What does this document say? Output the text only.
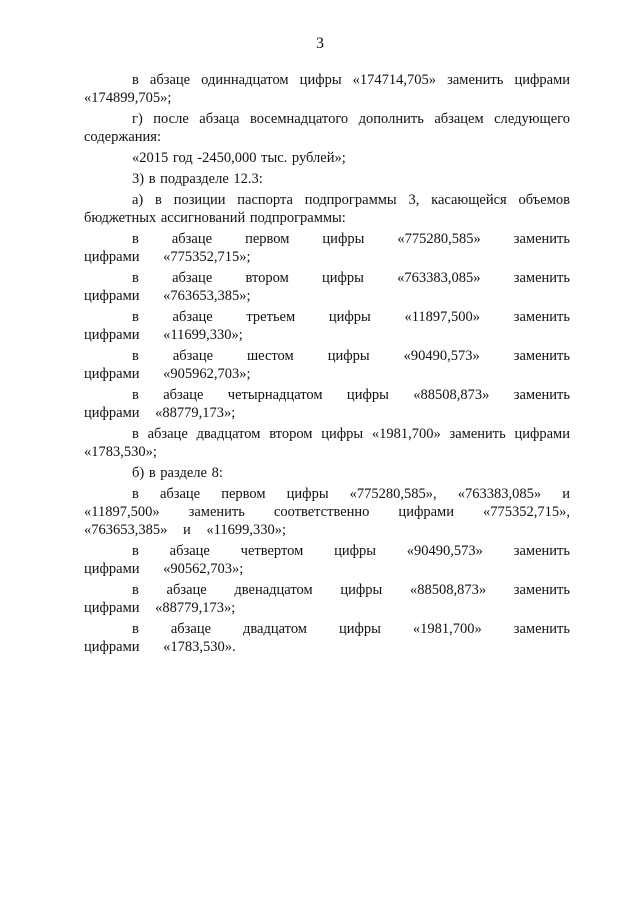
3

в абзаце одиннадцатом цифры «174714,705» заменить цифрами «174899,705»;

г) после абзаца восемнадцатого дополнить абзацем следующего содержания:

«2015 год -2450,000 тыс. рублей»;

3) в подразделе 12.3:

а) в позиции паспорта подпрограммы 3, касающейся объемов бюджетных ассигнований подпрограммы:

в абзаце первом цифры «775280,585» заменить цифрами «775352,715»;

в абзаце втором цифры «763383,085» заменить цифрами «763653,385»;

в абзаце третьем цифры «11897,500» заменить цифрами «11699,330»;

в абзаце шестом цифры «90490,573» заменить цифрами «905962,703»;

в абзаце четырнадцатом цифры «88508,873» заменить цифрами «88779,173»;

в абзаце двадцатом втором цифры «1981,700» заменить цифрами «1783,530»;

б) в разделе 8:

в абзаце первом цифры «775280,585», «763383,085» и «11897,500» заменить соответственно цифрами «775352,715», «763653,385» и «11699,330»;

в абзаце четвертом цифры «90490,573» заменить цифрами «90562,703»;

в абзаце двенадцатом цифры «88508,873» заменить цифрами «88779,173»;

в абзаце двадцатом цифры «1981,700» заменить цифрами «1783,530».
